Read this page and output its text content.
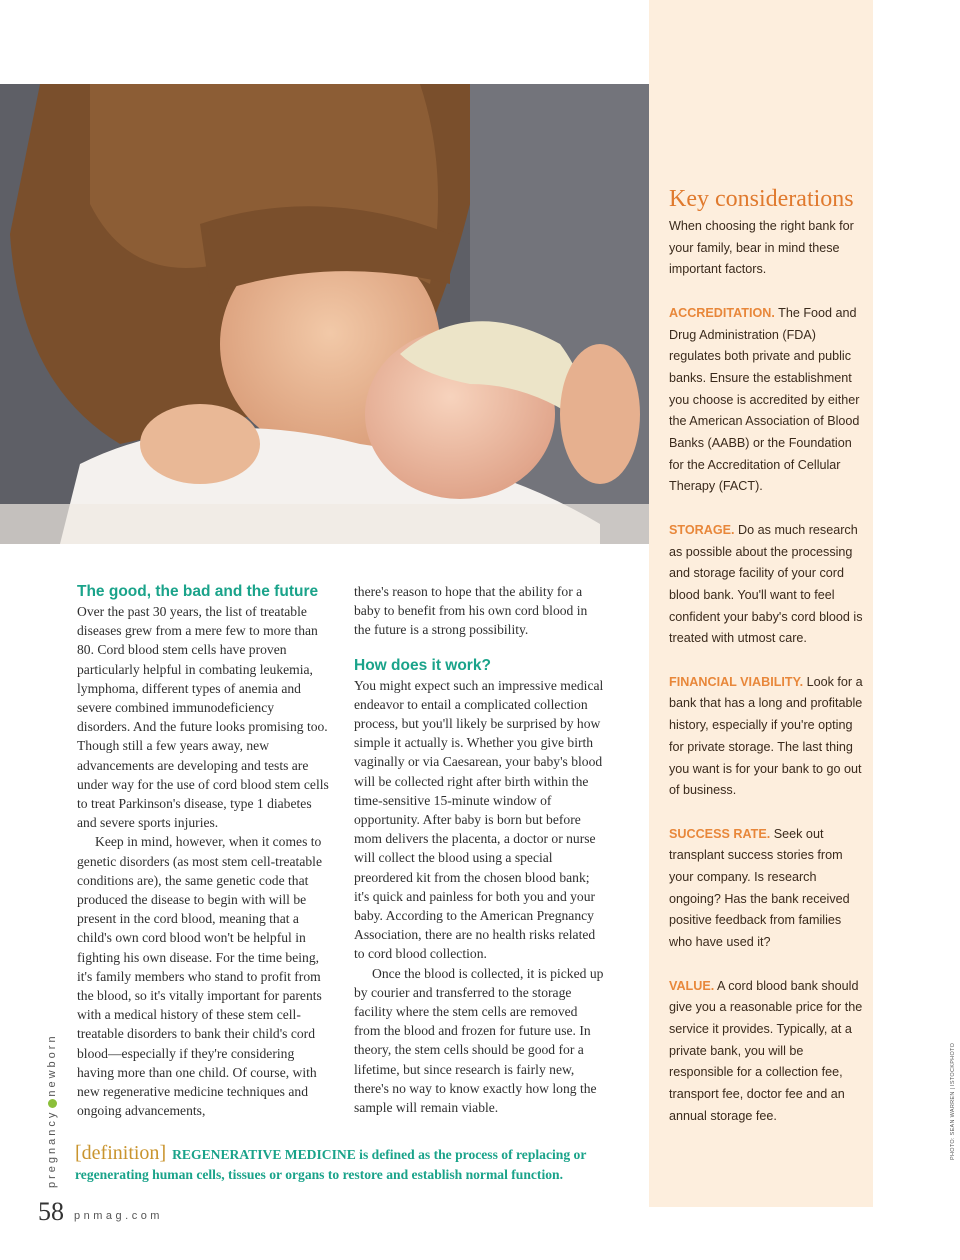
Key considerations

When choosing the right bank for your family, bear in mind these important factors.

ACCREDITATION. The Food and Drug Administration (FDA) regulates both private and public banks. Ensure the establishment you choose is accredited by either the American Association of Blood Banks (AABB) or the Foundation for the Accreditation of Cellular Therapy (FACT).

STORAGE. Do as much research as possible about the processing and storage facility of your cord blood bank. You'll want to feel confident your baby's cord blood is treated with utmost care.

FINANCIAL VIABILITY. Look for a bank that has a long and profitable history, especially if you're opting for private storage. The last thing you want is for your bank to go out of business.

SUCCESS RATE. Seek out transplant success stories from your company. Is research ongoing? Has the bank received positive feedback from families who have used it?

VALUE. A cord blood bank should give you a reasonable price for the service it provides. Typically, at a private bank, you will be responsible for a collection fee, transport fee, doctor fee and an annual storage fee.

The good, the bad and the future

Over the past 30 years, the list of treatable diseases grew from a mere few to more than 80. Cord blood stem cells have proven particularly helpful in combating leukemia, lymphoma, different types of anemia and severe combined immunodeficiency disorders. And the future looks promising too. Though still a few years away, new advancements are developing and tests are under way for the use of cord blood stem cells to treat Parkinson's disease, type 1 diabetes and severe sports injuries.

Keep in mind, however, when it comes to genetic disorders (as most stem cell-treatable conditions are), the same genetic code that produced the disease to begin with will be present in the cord blood, meaning that a child's own cord blood won't be helpful in fighting his own disease. For the time being, it's family members who stand to profit from the blood, so it's vitally important for parents with a medical history of these stem cell-treatable disorders to bank their child's cord blood—especially if they're considering having more than one child. Of course, with new regenerative medicine techniques and ongoing advancements,

there's reason to hope that the ability for a baby to benefit from his own cord blood in the future is a strong possibility.

How does it work?

You might expect such an impressive medical endeavor to entail a complicated collection process, but you'll likely be surprised by how simple it actually is. Whether you give birth vaginally or via Caesarean, your baby's blood will be collected right after birth within the time-sensitive 15-minute window of opportunity. After baby is born but before mom delivers the placenta, a doctor or nurse will collect the blood using a special preordered kit from the chosen blood bank; it's quick and painless for both you and your baby. According to the American Pregnancy Association, there are no health risks related to cord blood collection.

Once the blood is collected, it is picked up by courier and transferred to the storage facility where the stem cells are removed from the blood and frozen for future use. In theory, the stem cells should be good for a lifetime, but since research is fairly new, there's no way to know exactly how long the sample will remain viable.

[definition] REGENERATIVE MEDICINE is defined as the process of replacing or regenerating human cells, tissues or organs to restore and establish normal function.
pregnancynewborn
58 pnmag.com
PHOTO: SEAN WARREN | ISTOCKPHOTO
